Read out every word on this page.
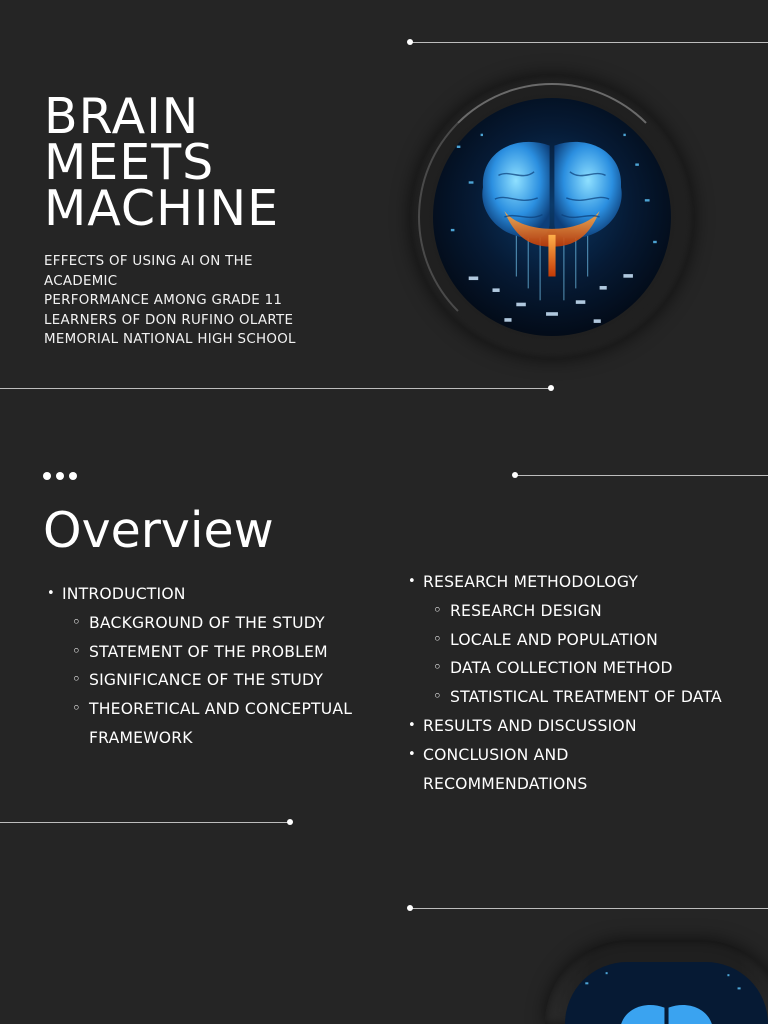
BRAIN
MEETS
MACHINE
EFFECTS OF USING AI ON THE
ACADEMIC
PERFORMANCE AMONG GRADE 11
LEARNERS OF DON RUFINO OLARTE
MEMORIAL NATIONAL HIGH SCHOOL
Overview
• INTRODUCTION
◦ BACKGROUND OF THE STUDY
◦ STATEMENT OF THE PROBLEM
◦ SIGNIFICANCE OF THE STUDY
◦ THEORETICAL AND CONCEPTUAL
FRAMEWORK
• RESEARCH METHODOLOGY
◦ RESEARCH DESIGN
◦ LOCALE AND POPULATION
◦ DATA COLLECTION METHOD
◦ STATISTICAL TREATMENT OF DATA
• RESULTS AND DISCUSSION
• CONCLUSION AND
RECOMMENDATIONS
